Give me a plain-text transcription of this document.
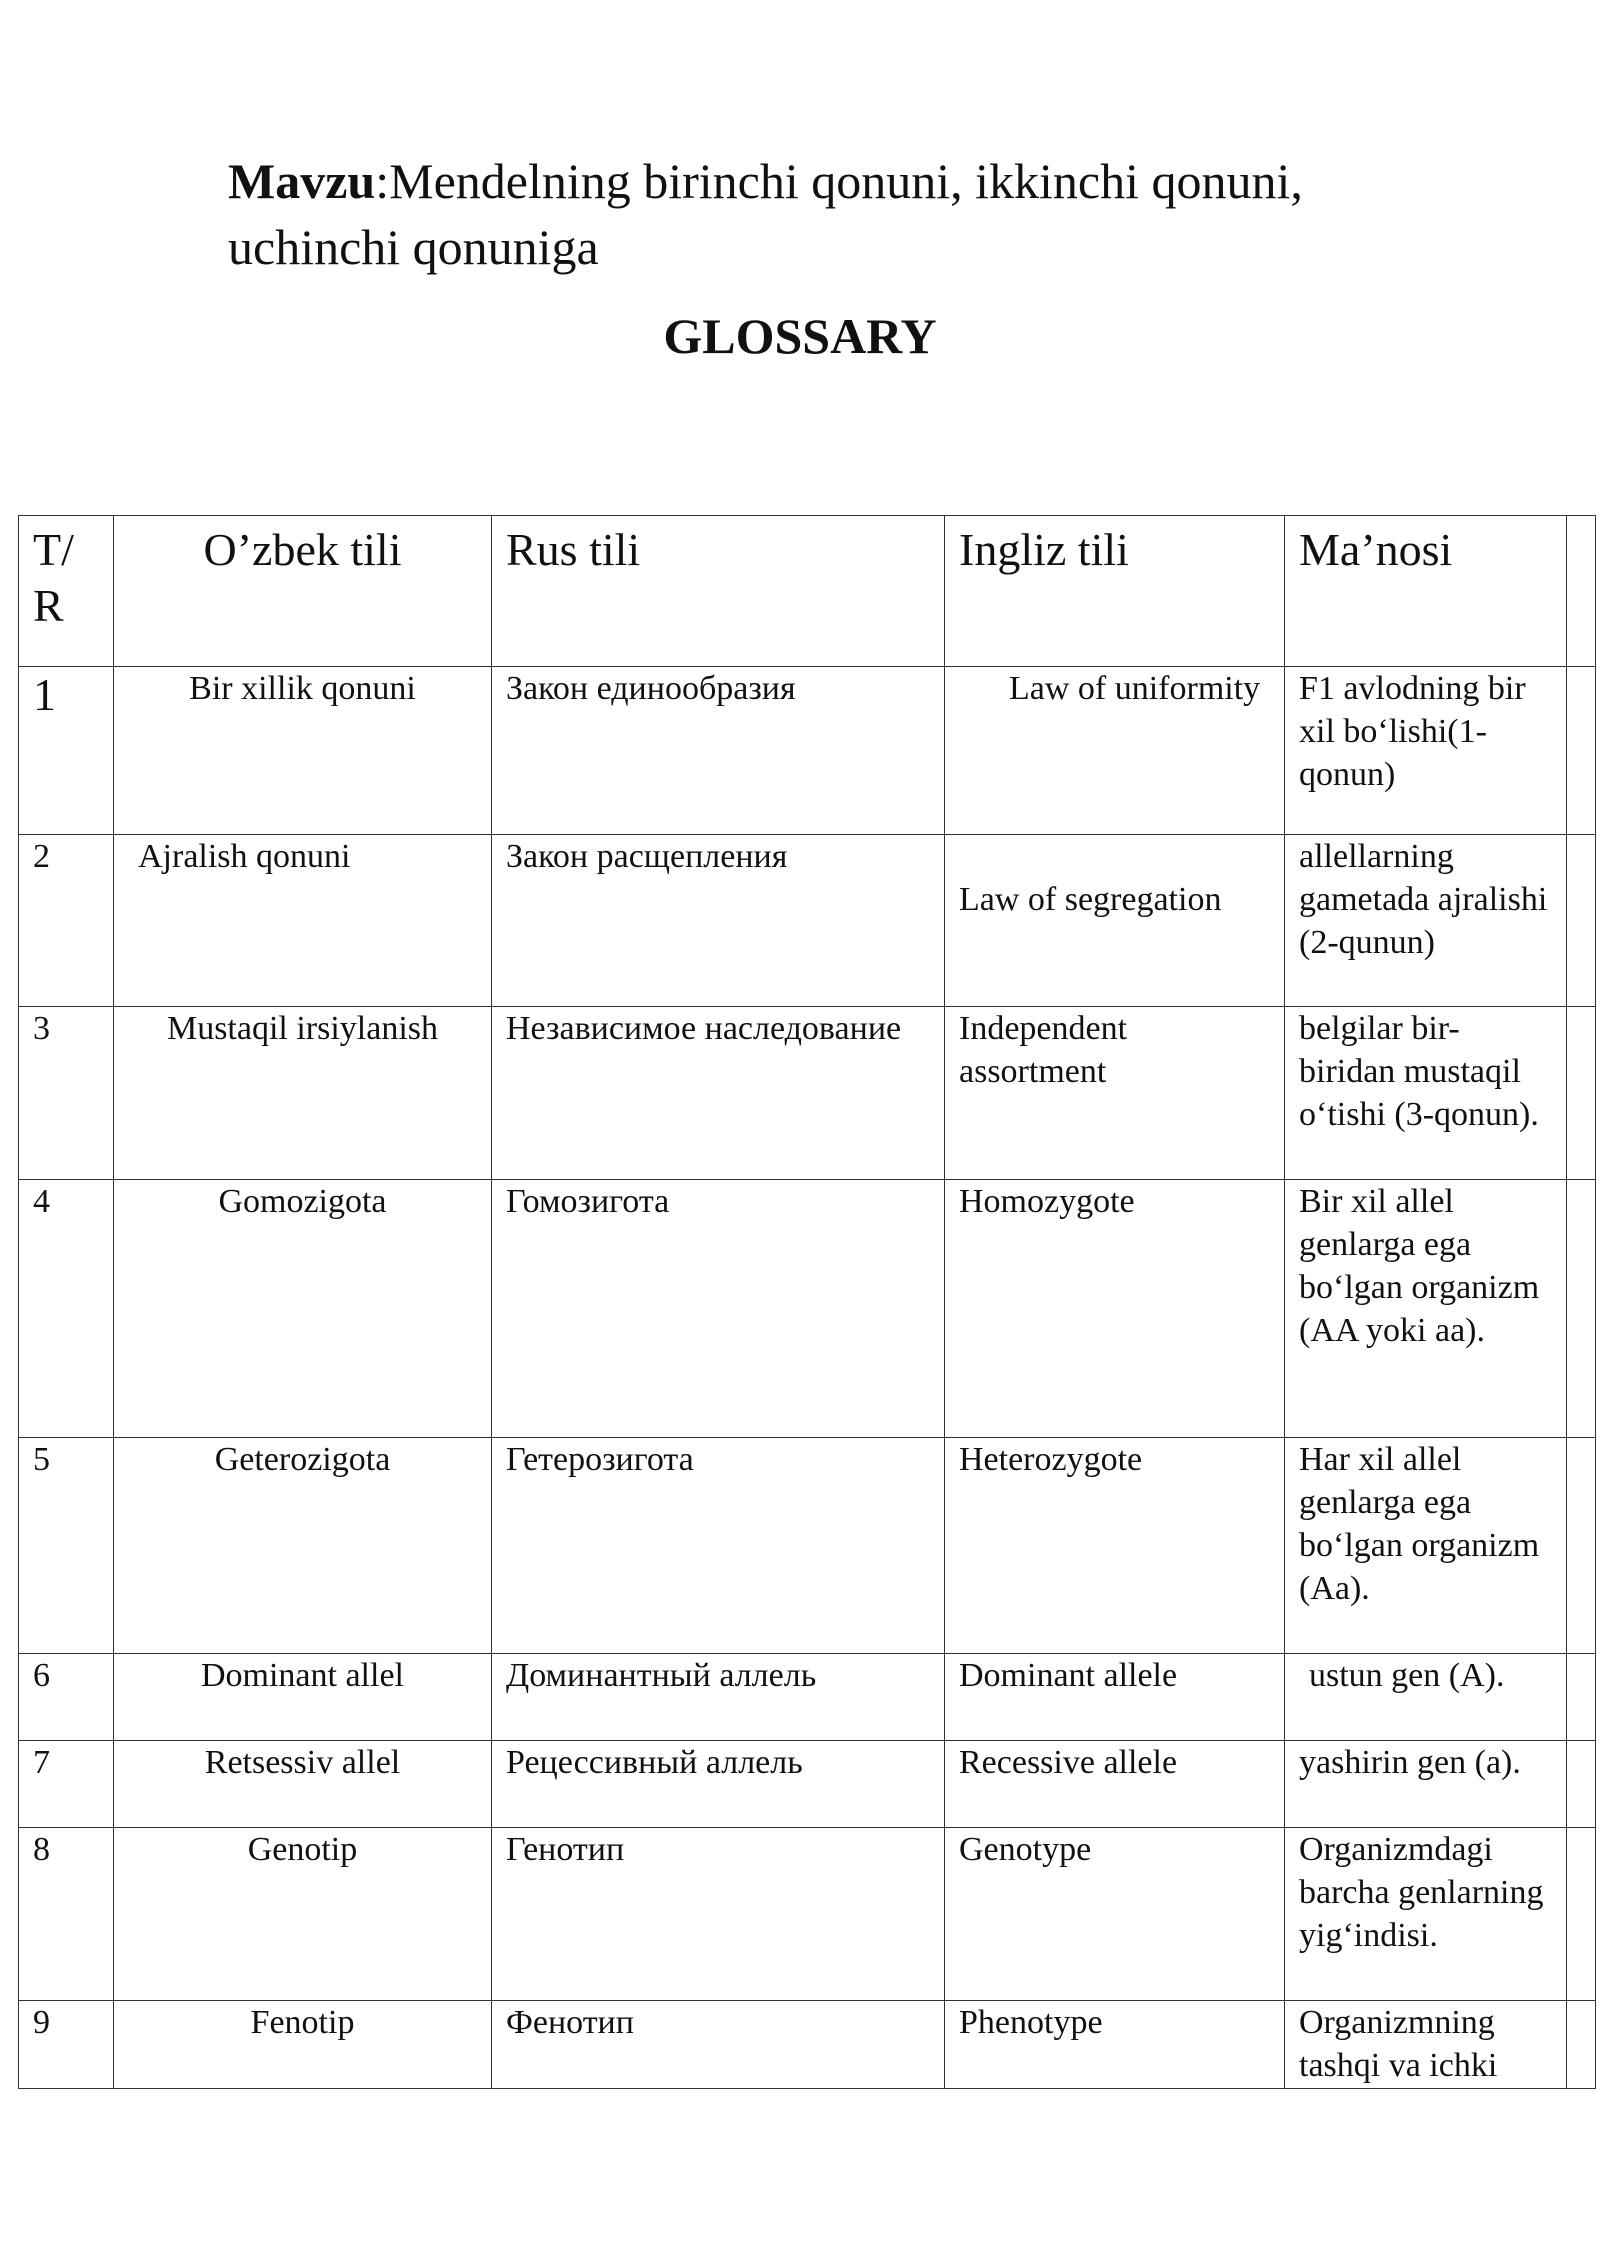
Mavzu:Mendelning birinchi qonuni, ikkinchi qonuni, uchinchi qonuniga
GLOSSARY
T/ R	O’zbek tili	Rus tili	Ingliz tili	Ma’nosi	
1	Bir xillik qonuni	Закон единообразия	Law of uniformity	F1 avlodning bir xil bo‘lishi(1-qonun)	
2	Ajralish qonuni	Закон расщепления	Law of segregation	allellarning gametada ajralishi (2-qunun)	
3	Mustaqil irsiylanish	Независимое наследование	Independent assortment	belgilar bir-biridan mustaqil o‘tishi (3-qonun).	
4	Gomozigota	Гомозигота	Homozygote	Bir xil allel genlarga ega bo‘lgan organizm (AA yoki aa).	
5	Geterozigota	Гетерозигота	Heterozygote	Har xil allel genlarga ega bo‘lgan organizm (Aa).	
6	Dominant allel	Доминантный аллель	Dominant allele	ustun gen (A).	
7	Retsessiv allel	Рецессивный аллель	Recessive allele	yashirin gen (a).	
8	Genotip	Генотип	Genotype	Organizmdagi barcha genlarning yig‘indisi.	
9	Fenotip	Фенотип	Phenotype	Organizmning tashqi va ichki	
